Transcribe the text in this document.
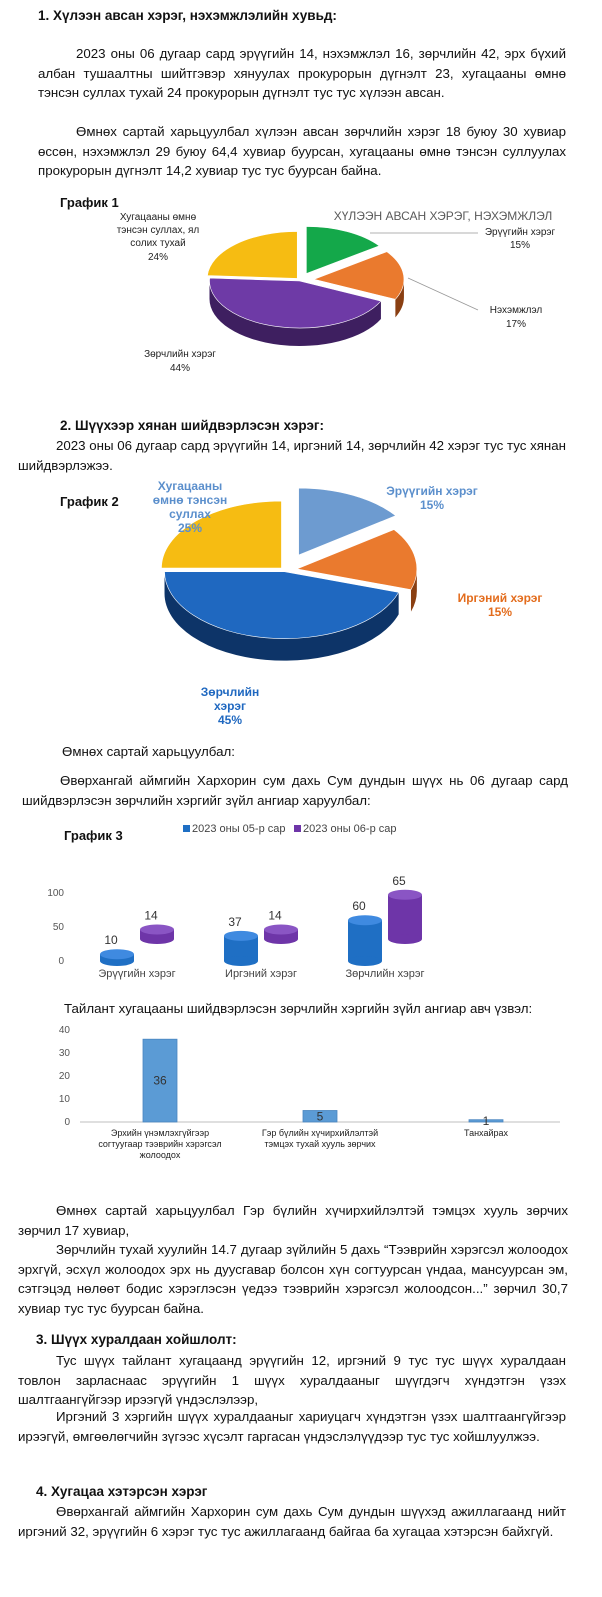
1. Хүлээн авсан хэрэг, нэхэмжлэлийн хувьд:
2023 оны 06 дугаар сард эрүүгийн 14, нэхэмжлэл 16, зөрчлийн 42, эрх бүхий албан тушаалтны шийтгэвэр хянуулах прокурорын дүгнэлт 23, хугацааны өмнө тэнсэн суллах тухай 24 прокурорын дүгнэлт тус тус хүлээн авсан.
Өмнөх сартай харьцуулбал хүлээн авсан зөрчлийн хэрэг 18 буюу 30 хувиар өссөн, нэхэмжлэл 29 буюу 64,4 хувиар буурсан, хугацааны өмнө тэнсэн суллуулах прокурорын дүгнэлт 14,2 хувиар тус тус буурсан байна.
График 1
ХҮЛЭЭН АВСАН ХЭРЭГ, НЭХЭМЖЛЭЛ
Эрүүгийн хэрэг
15%
Нэхэмжлэл
17%
Зөрчлийн хэрэг
44%
Хугацааны өмнө
тэнсэн суллах, ял
солих тухай
24%
2. Шүүхээр хянан шийдвэрлэсэн хэрэг:
2023 оны 06 дугаар сард эрүүгийн 14, иргэний 14, зөрчлийн 42 хэрэг тус тус хянан шийдвэрлэжээ.
График 2
Эрүүгийн хэрэг
15%
Иргэний хэрэг
15%
Зөрчлийн
хэрэг
45%
Хугацааны
өмнө тэнсэн
суллах
25%
Өмнөх сартай харьцуулбал:
Өвөрхангай аймгийн Хархорин сум дахь Сум дундын шүүх нь 06 дугаар сард шийдвэрлэсэн зөрчлийн хэргийг зүйл ангиар харуулбал:
График 3	2023 оны 05-р сар 2023 оны 06-р сар
100
50
0
10
37
60
14	14
65
Эрүүгийн хэрэг	Иргэний хэрэг	Зөрчлийн хэрэг
Тайлант хугацааны шийдвэрлэсэн зөрчлийн хэргийн зүйл ангиар авч үзвэл:
40
30
20
10
0
36
5	1
Эрхийн үнэмлэхгүйгээр
согтуугаар тээврийн хэрэгсэл
жолоодох
Гэр бүлийн хүчирхийлэлтэй
тэмцэх тухай хууль зөрчих
Танхайрах
Өмнөх сартай харьцуулбал Гэр бүлийн хүчирхийлэлтэй тэмцэх хууль зөрчих зөрчил 17 хувиар,
Зөрчлийн тухай хуулийн 14.7 дугаар зүйлийн 5 дахь “Тээврийн хэрэгсэл жолоодох эрхгүй, эсхүл жолоодох эрх нь дуусгавар болсон хүн согтуурсан үндаа, мансуурсан эм, сэтгэцэд нөлөөт бодис хэрэглэсэн үедээ тээврийн хэрэгсэл жолоодсон...” зөрчил 30,7 хувиар тус тус буурсан байна.
3. Шүүх хуралдаан хойшлолт:
Тус шүүх тайлант хугацаанд эрүүгийн 12, иргэний 9 тус тус шүүх хуралдаан товлон зарласнаас эрүүгийн 1 шүүх хуралдааныг шүүгдэгч хүндэтгэн үзэх шалтгаангүйгээр ирээгүй үндэслэлээр,
Иргэний 3 хэргийн шүүх хуралдааныг хариуцагч хүндэтгэн үзэх шалтгаангүйгээр ирээгүй, өмгөөлөгчийн зүгээс хүсэлт гаргасан үндэслэлүүдээр тус тус хойшлуулжээ.
4. Хугацаа хэтэрсэн хэрэг
Өвөрхангай аймгийн Хархорин сум дахь Сум дундын шүүхэд ажиллагаанд нийт иргэний 32, эрүүгийн 6 хэрэг тус тус ажиллагаанд байгаа ба хугацаа хэтэрсэн байхгүй.
